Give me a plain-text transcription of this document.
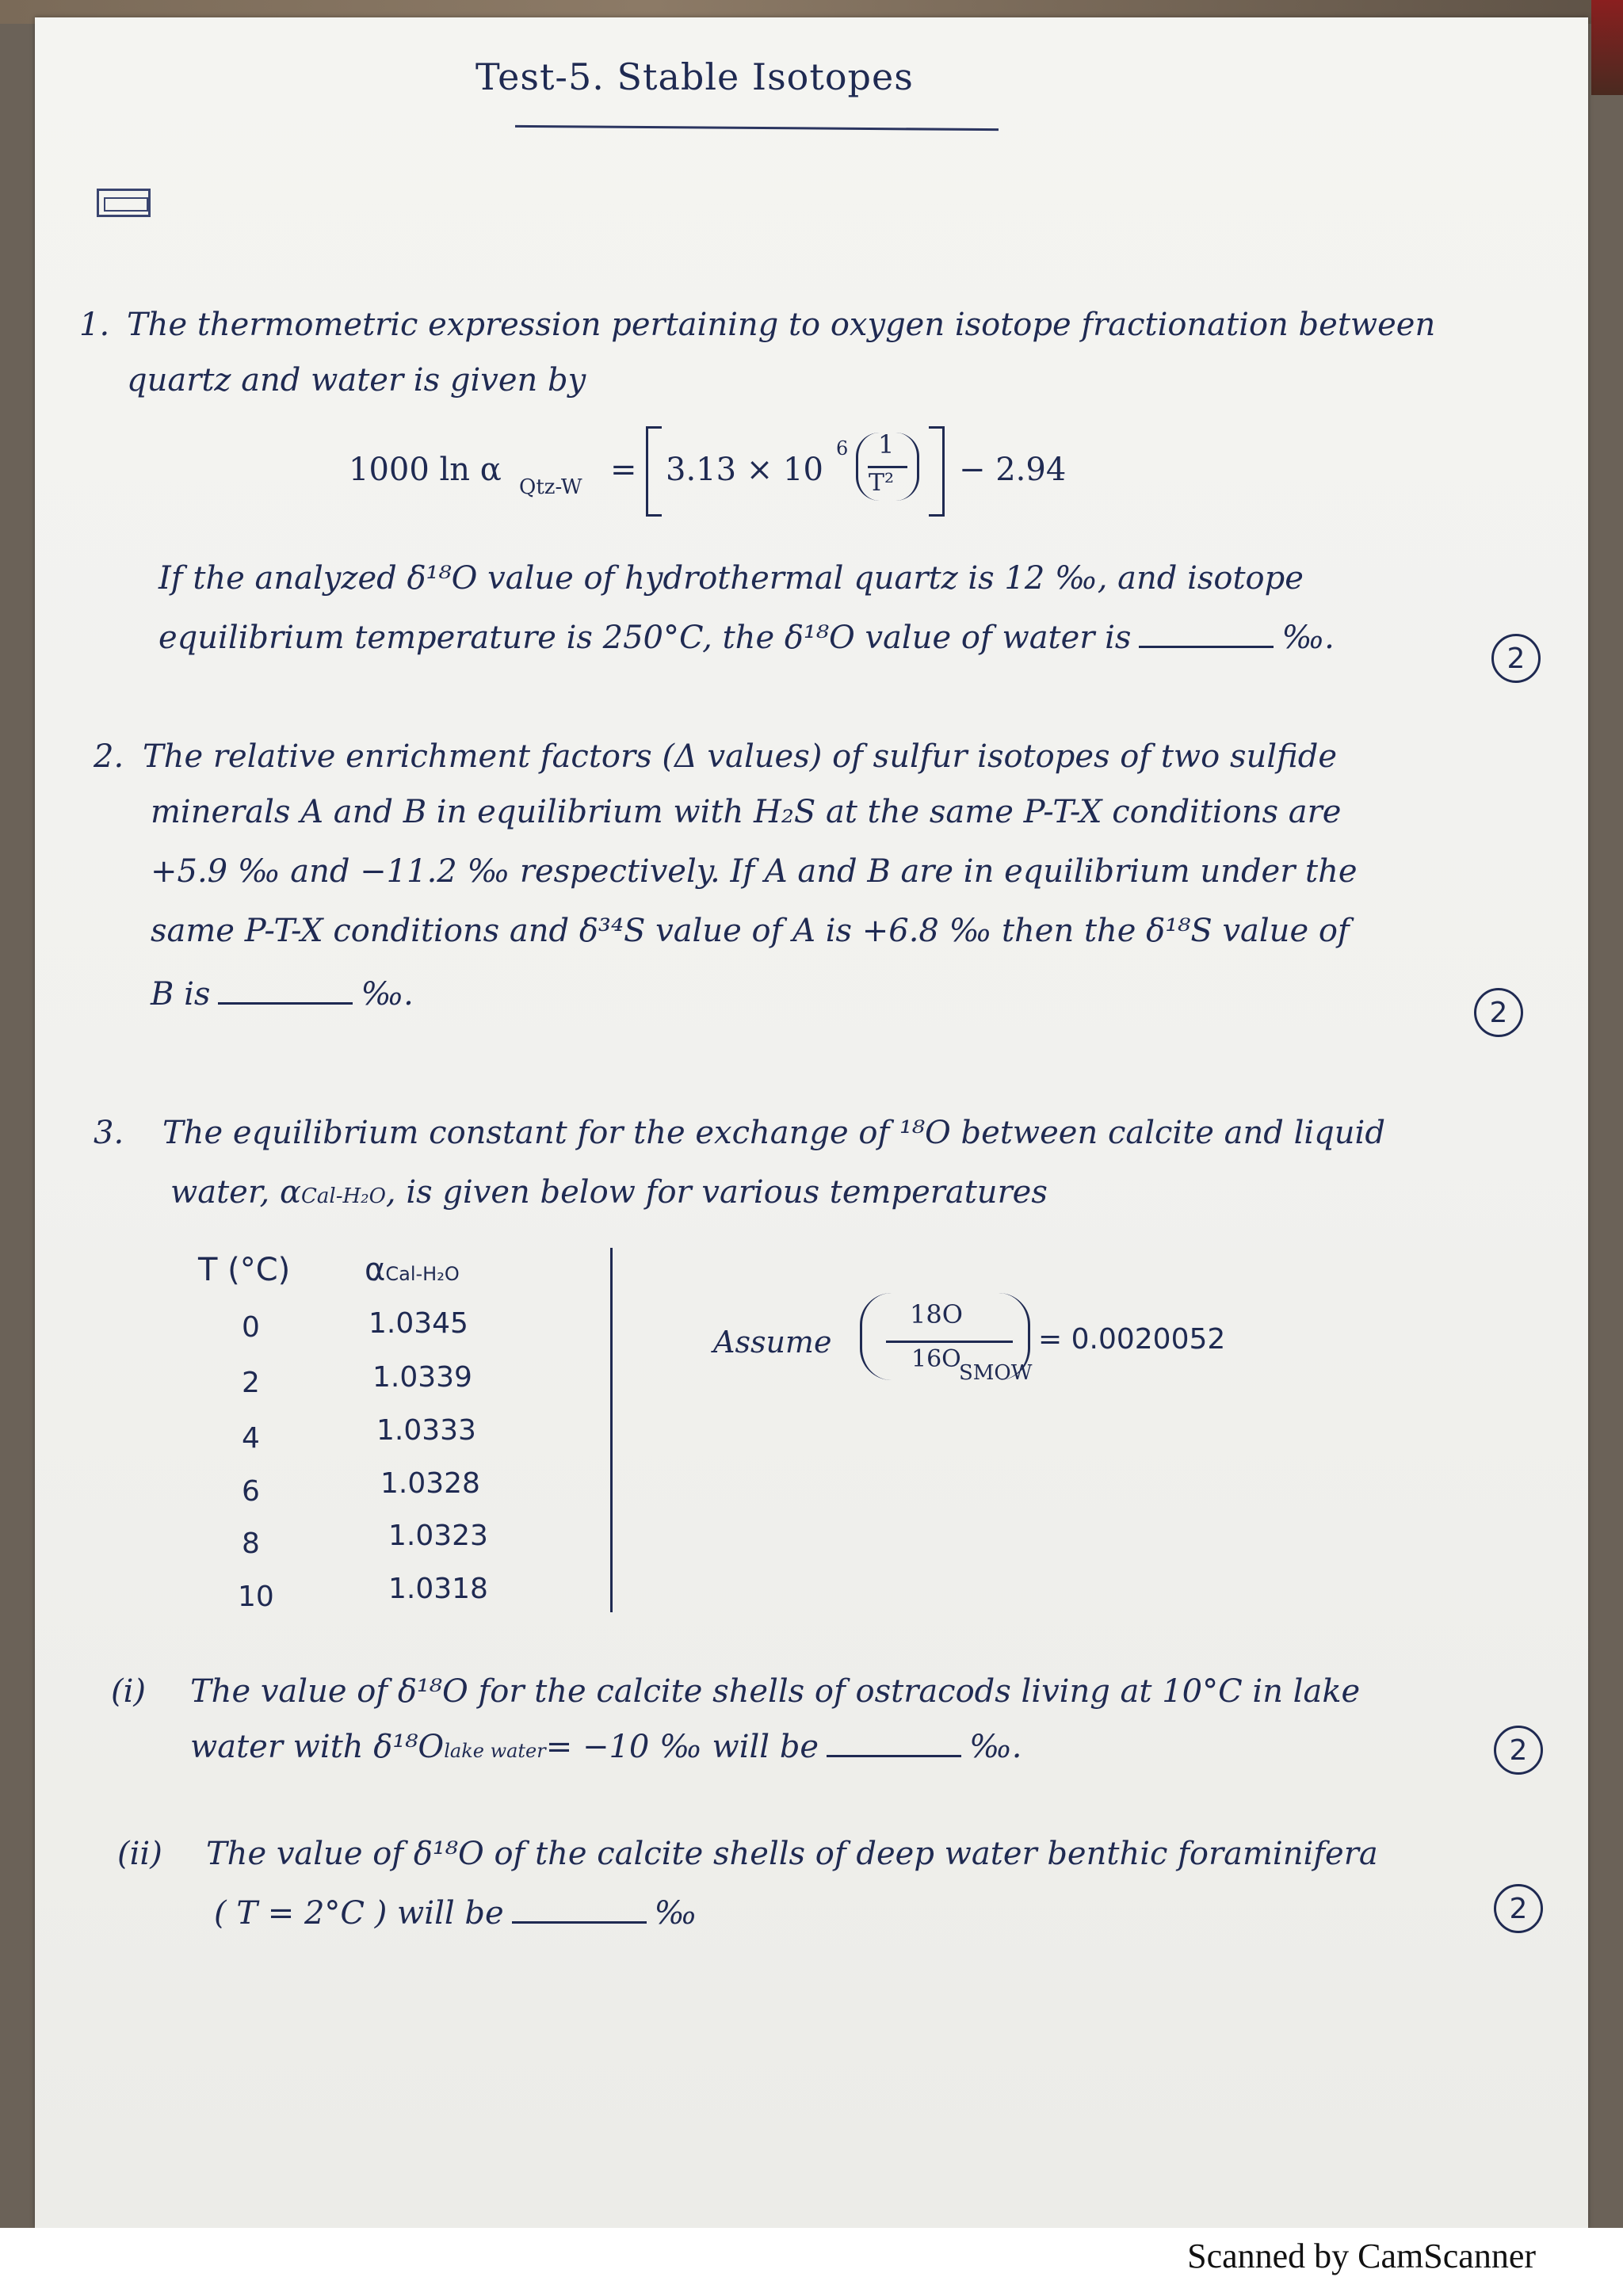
Test-5. Stable Isotopes
1. The thermometric expression pertaining to oxygen isotope fractionation between
quartz and water is given by
1000 ln α Qtz-W = 3.13 × 10
6 1
T² − 2.94
If the analyzed δ¹⁸O value of hydrothermal quartz is 12 ‰, and isotope
equilibrium temperature is 250°C, the δ¹⁸O value of water is	‰.
2
2. The relative enrichment factors (Δ values) of sulfur isotopes of two sulfide
minerals A and B in equilibrium with H₂S at the same P-T-X conditions are
+5.9 ‰ and −11.2 ‰ respectively. If A and B are in equilibrium under the
same P-T-X conditions and δ³⁴S value of A is +6.8 ‰ then the δ¹⁸S value of
B is	‰.	2
3. The equilibrium constant for the exchange of ¹⁸O between calcite and liquid
water, αCal-H₂O, is given below for various temperatures
T (°C) αCal-H₂O
0	1.0345
2	1.0339
4	1.0333
6	1.0328
8	1.0323
10	1.0318
Assume
18O
16O
SMOW
= 0.0020052
(i) The value of δ¹⁸O for the calcite shells of ostracods living at 10°C in lake
water with δ¹⁸Olake water= −10 ‰ will be	‰.	2
(ii) The value of δ¹⁸O of the calcite shells of deep water benthic foraminifera
( T = 2°C ) will be	‰	2
Scanned by CamScanner
